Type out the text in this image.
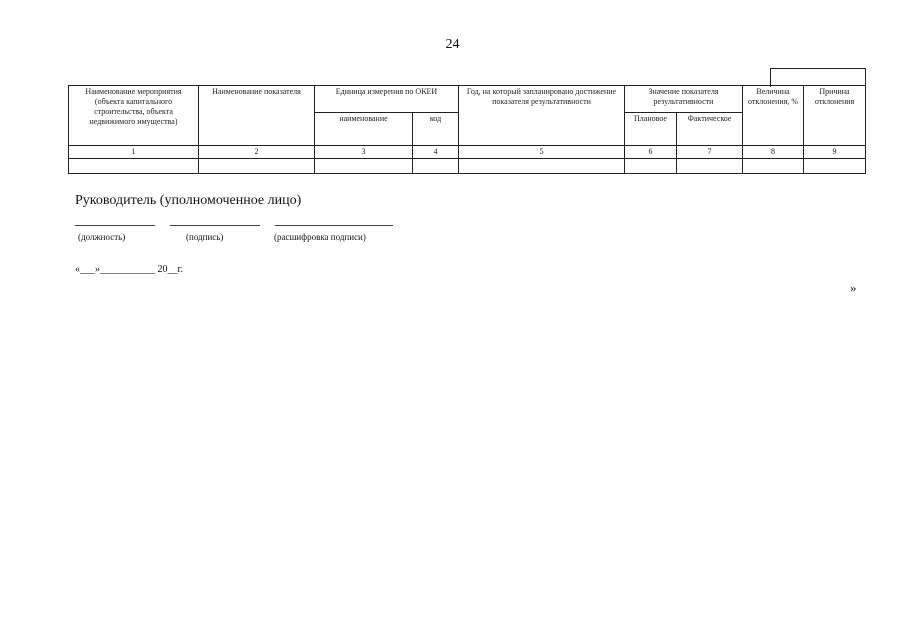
24
Наименование мероприятия (объекта капитального строительства, объекта недвижимого имущества)	Наименование показателя	Единица измерения по ОКЕИ		Год, на который запланировано достижение показателя результативности	Значение показателя результативности		Величина отклонения, %	Причина отклонения
		наименование	код		Плановое	Фактическое		
1	2	3	4	5	6	7	8	9

Руководитель (уполномоченное лицо)
(должность)	(подпись)	(расшифровка подписи)
«___»___________ 20__г.
»
